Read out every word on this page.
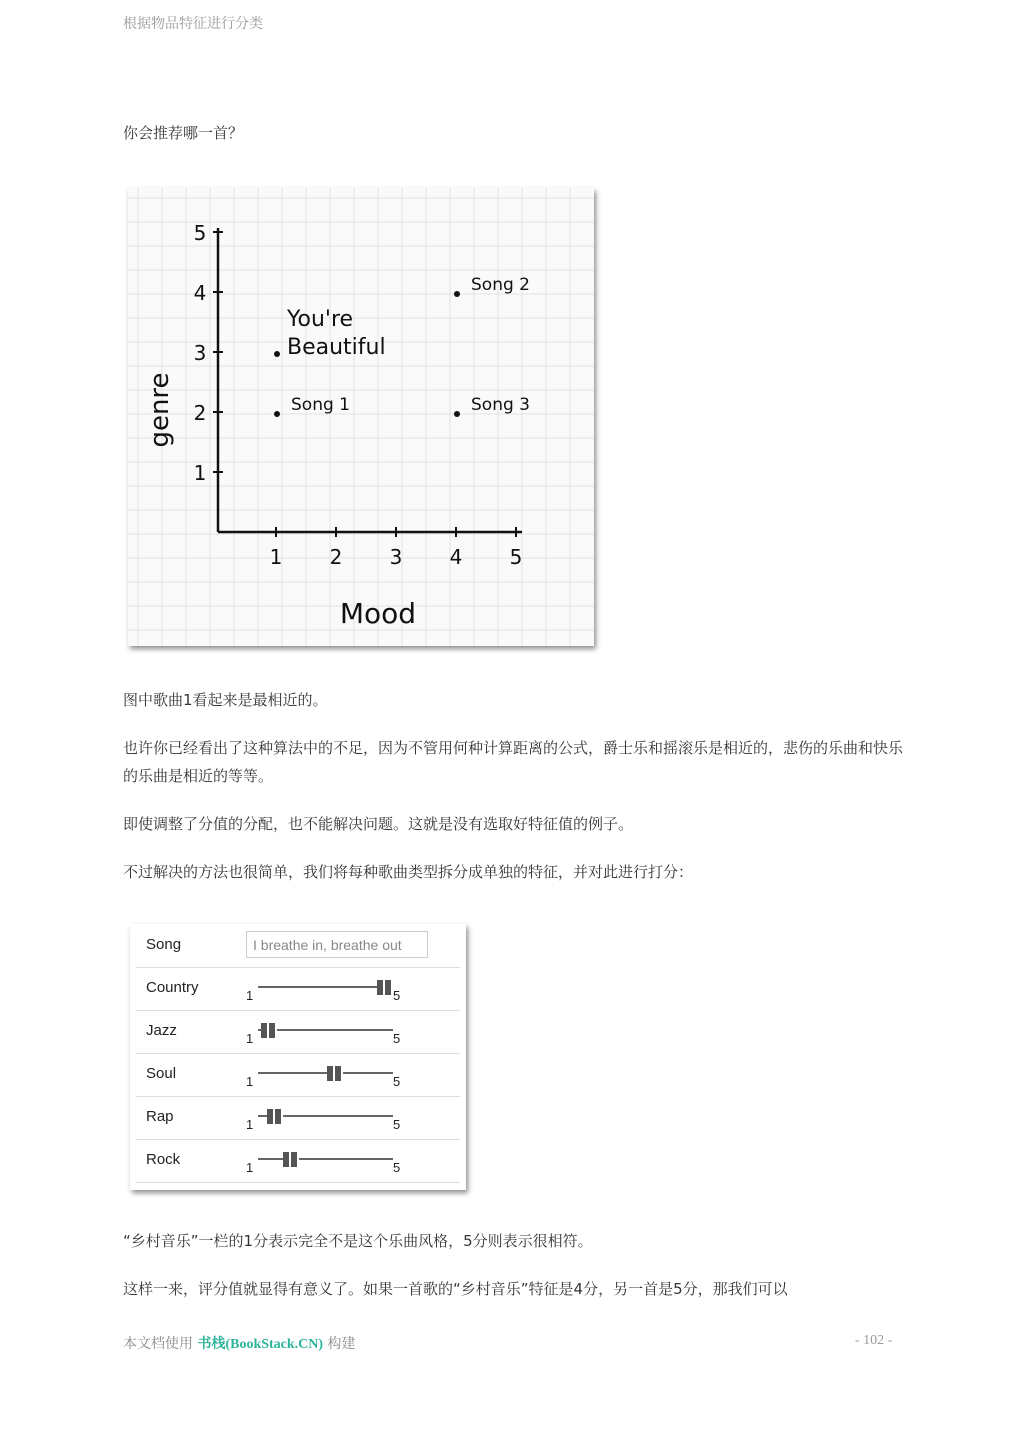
根据物品特征进行分类

你会推荐哪一首？

1 2 3 4 5
1
2
3
4
5
Mood
genre
You're
Beautiful
Song 1
Song 2
Song 3

图中歌曲1看起来是最相近的。

也许你已经看出了这种算法中的不足，因为不管用何种计算距离的公式，爵士乐和摇滚乐是相近的，悲伤的乐曲和快乐的乐曲是相近的等等。

即使调整了分值的分配，也不能解决问题。这就是没有选取好特征值的例子。

不过解决的方法也很简单，我们将每种歌曲类型拆分成单独的特征，并对此进行打分：

Song	I breathe in, breathe out
Country	1	5
Jazz	1	5
Soul	1	5
Rap	1	5
Rock	1	5

“乡村音乐”一栏的1分表示完全不是这个乐曲风格，5分则表示很相符。

这样一来，评分值就显得有意义了。如果一首歌的“乡村音乐”特征是4分，另一首是5分，那我们可以

本文档使用 书栈(BookStack.CN) 构建	- 102 -
